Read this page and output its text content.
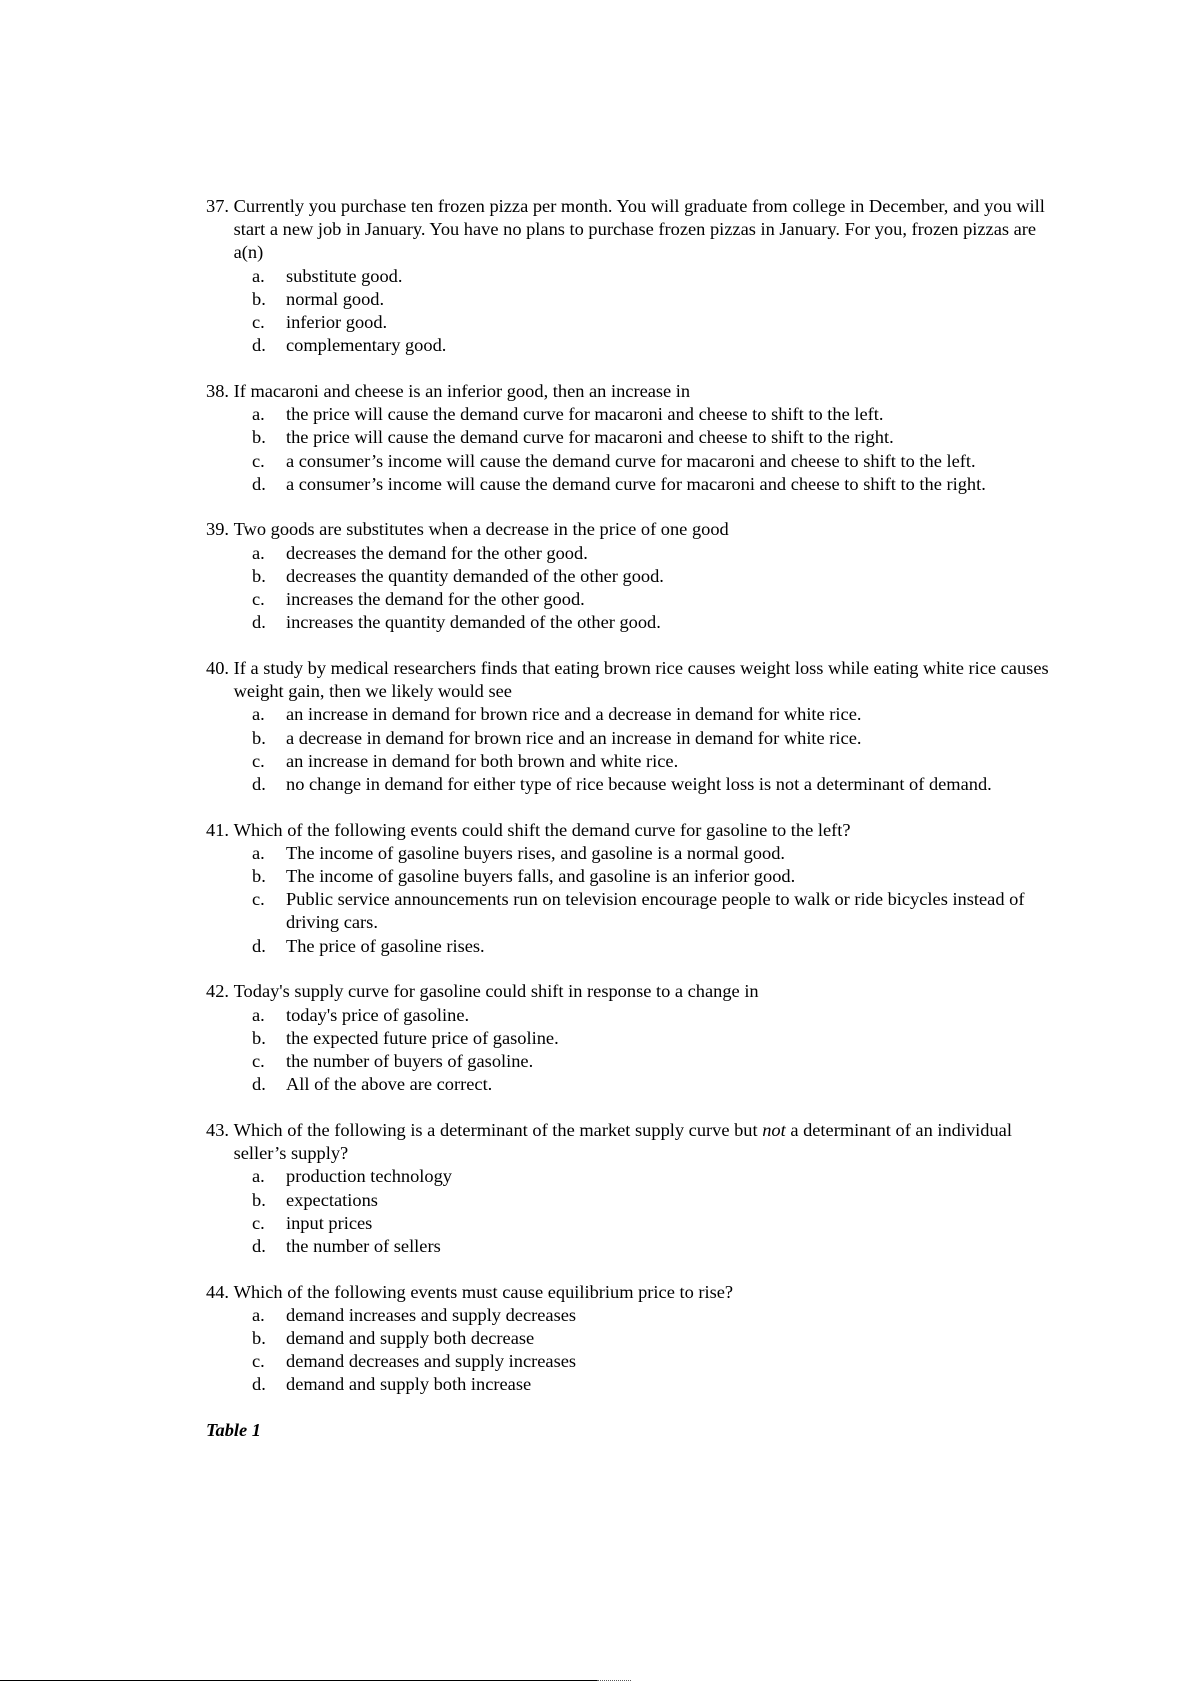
37.
Currently you purchase ten frozen pizza per month. You will graduate from college in December, and you will start a new job in January. You have no plans to purchase frozen pizzas in January. For you, frozen pizzas are a(n)
a.	substitute good.
b.	normal good.
c.	inferior good.
d.	complementary good.
38.
If macaroni and cheese is an inferior good, then an increase in
a.	the price will cause the demand curve for macaroni and cheese to shift to the left.
b.	the price will cause the demand curve for macaroni and cheese to shift to the right.
c.	a consumer’s income will cause the demand curve for macaroni and cheese to shift to the left.
d.	a consumer’s income will cause the demand curve for macaroni and cheese to shift to the right.
39.
Two goods are substitutes when a decrease in the price of one good
a.	decreases the demand for the other good.
b.	decreases the quantity demanded of the other good.
c.	increases the demand for the other good.
d.	increases the quantity demanded of the other good.
40.
If a study by medical researchers finds that eating brown rice causes weight loss while eating white rice causes weight gain, then we likely would see
a.	an increase in demand for brown rice and a decrease in demand for white rice.
b.	a decrease in demand for brown rice and an increase in demand for white rice.
c.	an increase in demand for both brown and white rice.
d.	no change in demand for either type of rice because weight loss is not a determinant of demand.
41.
Which of the following events could shift the demand curve for gasoline to the left?
a.	The income of gasoline buyers rises, and gasoline is a normal good.
b.	The income of gasoline buyers falls, and gasoline is an inferior good.
c.	Public service announcements run on television encourage people to walk or ride bicycles instead of driving cars.
d.	The price of gasoline rises.
42.
Today's supply curve for gasoline could shift in response to a change in
a.	today's price of gasoline.
b.	the expected future price of gasoline.
c.	the number of buyers of gasoline.
d.	All of the above are correct.
43.
Which of the following is a determinant of the market supply curve but not a determinant of an individual seller’s supply?
a.	production technology
b.	expectations
c.	input prices
d.	the number of sellers
44.
Which of the following events must cause equilibrium price to rise?
a.	demand increases and supply decreases
b.	demand and supply both decrease
c.	demand decreases and supply increases
d.	demand and supply both increase
Table 1
